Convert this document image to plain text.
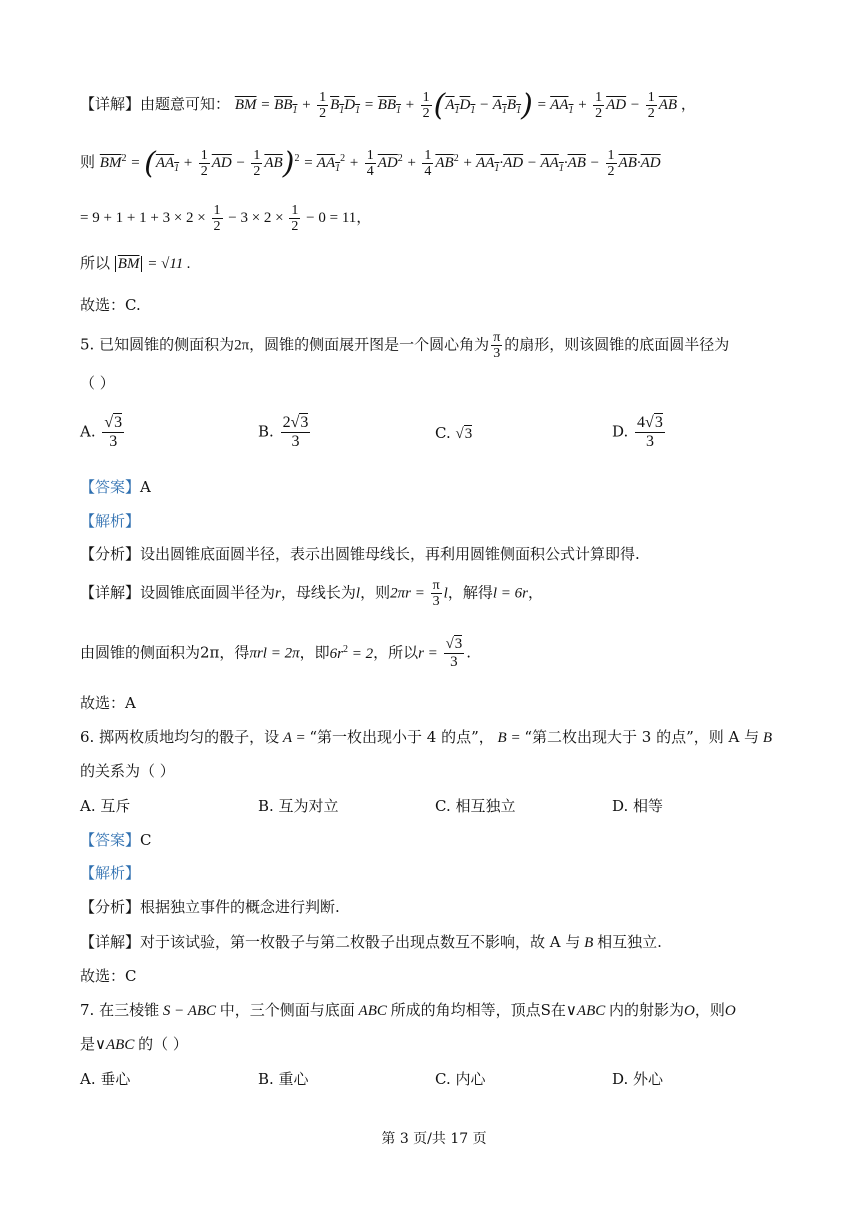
【详解】由题意可知： $\overline{BM} = BB_1 + \frac{1}{2} B_1D_1 = BB_1 + \frac{1}{2} (A_1D_1 - A_1B_1) = AA_1 + \frac{1}{2} \overline{AD} - \frac{1}{2} \overline{AB}$ ，
则 $\overline{BM}^2 = (AA_1 + \frac{1}{2} \overline{AD} - \frac{1}{2} \overline{AB})^2 = AA_1^2 + \frac{1}{4} \overline{AD}^2 + \frac{1}{4} \overline{AB}^2 + AA_1\cdot\overline{AD} - AA_1\cdot\overline{AB} - \frac{1}{2} \overline{AB}\cdot\overline{AD}$
= $9 + 1 + 1 + 3 \times 2 \times \frac{1}{2} - 3 \times 2 \times \frac{1}{2} - 0 = 11$，
所以 $\overline{BM} = √11$ .
故选：C.
5. 已知圆锥的侧面积为2π，圆锥的侧面展开图是一个圆心角为 $\frac{\pi}{3}$ 的扇形，则该圆锥的底面圆半径为
（ ）
A. $\frac{√3}{3}$	B. $\frac{2√3}{3}$	C. √3	D. $\frac{4√3}{3}$
【答案】A
【解析】
【分析】设出圆锥底面圆半径，表示出圆锥母线长，再利用圆锥侧面积公式计算即得.
【详解】设圆锥底面圆半径为r，母线长为l，则$2\pi r = \frac{\pi}{3}$ l，解得l = 6r，
由圆锥的侧面积为2π，得πrl = 2π，即$6r^2 = 2$，所以$r = \frac{√3}{3}$ .
故选：A
6. 掷两枚质地均匀的骰子，设 A = “第一枚出现小于 4 的点”， B = “第二枚出现大于 3 的点”，则 A 与 B
的关系为（ ）
A. 互斥	B. 互为对立	C. 相互独立	D. 相等
【答案】C
【解析】
【分析】根据独立事件的概念进行判断.
【详解】对于该试验，第一枚骰子与第二枚骰子出现点数互不影响，故 A 与 B 相互独立.
故选：C
7. 在三棱锥 S − ABC 中，三个侧面与底面 ABC 所成的角均相等，顶点S在∨ABC 内的射影为O，则O
是∨ABC 的（ ）
A. 垂心	B. 重心	C. 内心	D. 外心
第 3 页/共 17 页
